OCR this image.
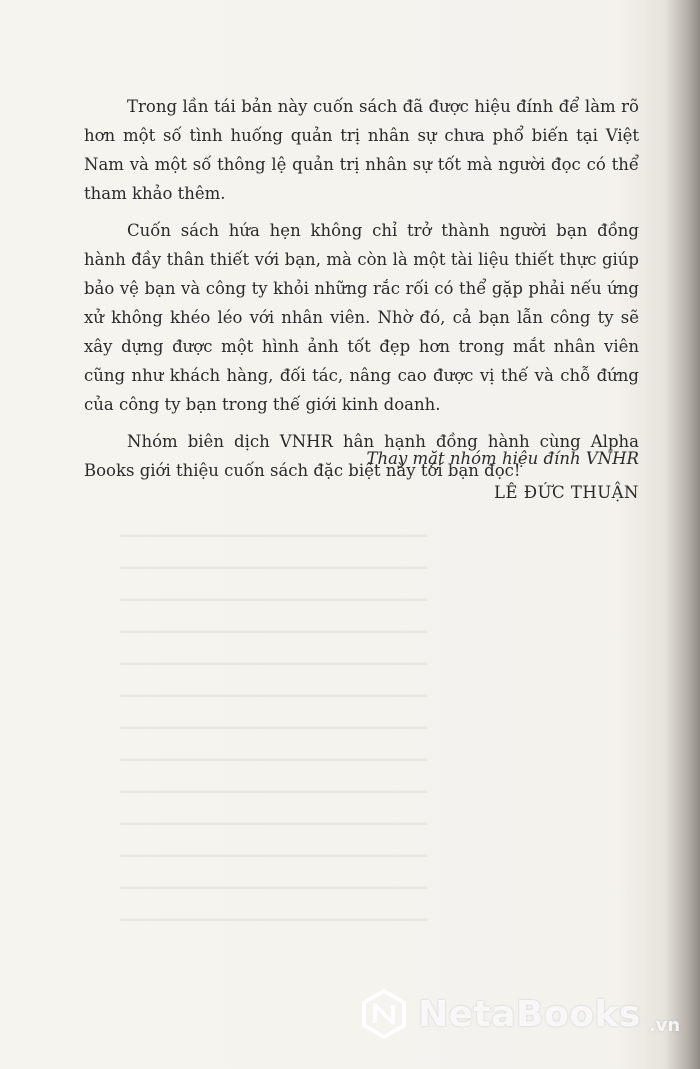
━━━━━━━━━━━━━━━━━━━━━━━━━━━━━━━━━━
━━━━━━━━━━━━━━━━━━━━━━━━━━━━━━━━━━
━━━━━━━━━━━━━━━━━━━━━━━━━━━━━━━━━━
━━━━━━━━━━━━━━━━━━━━━━━━━━━━━━━━━━
━━━━━━━━━━━━━━━━━━━━━━━━━━━━━━━━━━
━━━━━━━━━━━━━━━━━━━━━━━━━━━━━━━━━━
━━━━━━━━━━━━━━━━━━━━━━━━━━━━━━━━━━
━━━━━━━━━━━━━━━━━━━━━━━━━━━━━━━━━━
━━━━━━━━━━━━━━━━━━━━━━━━━━━━━━━━━━
━━━━━━━━━━━━━━━━━━━━━━━━━━━━━━━━━━
━━━━━━━━━━━━━━━━━━━━━━━━━━━━━━━━━━
━━━━━━━━━━━━━━━━━━━━━━━━━━━━━━━━━━
━━━━━━━━━━━━━━━━━━━━━━━━━━━━━━━━━━

Trong lần tái bản này cuốn sách đã được hiệu đính để làm rõ hơn một số tình huống quản trị nhân sự chưa phổ biến tại Việt Nam và một số thông lệ quản trị nhân sự tốt mà người đọc có thể tham khảo thêm.

Cuốn sách hứa hẹn không chỉ trở thành người bạn đồng hành đầy thân thiết với bạn, mà còn là một tài liệu thiết thực giúp bảo vệ bạn và công ty khỏi những rắc rối có thể gặp phải nếu ứng xử không khéo léo với nhân viên. Nhờ đó, cả bạn lẫn công ty sẽ xây dựng được một hình ảnh tốt đẹp hơn trong mắt nhân viên cũng như khách hàng, đối tác, nâng cao được vị thế và chỗ đứng của công ty bạn trong thế giới kinh doanh.

Nhóm biên dịch VNHR hân hạnh đồng hành cùng Alpha Books giới thiệu cuốn sách đặc biệt này tới bạn đọc!

Thay mặt nhóm hiệu đính VNHR
LÊ ĐỨC THUẬN
NetaBooks .vn
